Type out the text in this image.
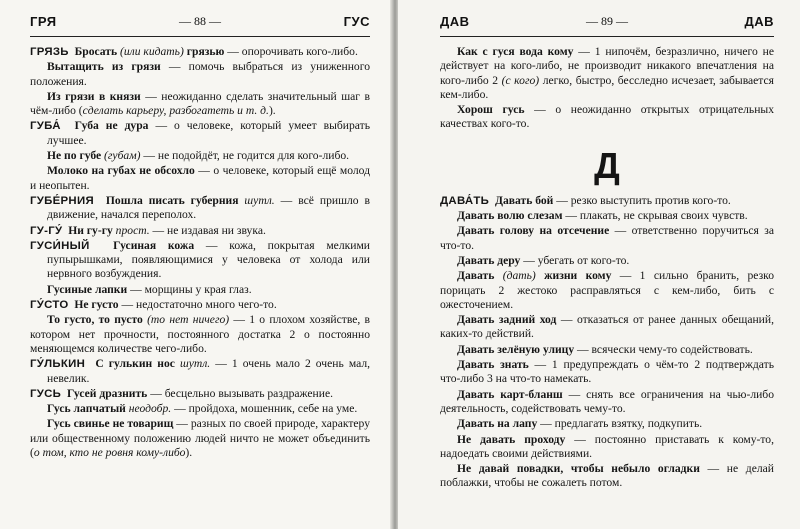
ГРЯ	— 88 —	ГУС
ГРЯЗЬ Бросать (или кидать) грязью — опорочивать кого-либо.
Вытащить из грязи — помочь выбраться из униженного положения.
Из грязи в князи — неожиданно сделать значительный шаг в чём-либо (сделать карьеру, разбогатеть и т. д.).
ГУБА́ Губа не дура — о человеке, который умеет выбирать лучшее.
Не по губе (губам) — не подойдёт, не годится для кого-либо.
Молоко на губах не обсохло — о человеке, который ещё молод и неопытен.
ГУБЕ́РНИЯ Пошла писать губерния шутл. — всё пришло в движение, начался переполох.
ГУ-ГУ́ Ни гу-гу прост. — не издавая ни звука.
ГУСИ́НЫЙ Гусиная кожа — кожа, покрытая мелкими пупырышками, появляющимися у человека от холода или нервного возбуждения.
Гусиные лапки — морщины у края глаз.
ГУ́СТО Не густо — недостаточно много чего-то.
То густо, то пусто (то нет ничего) — 1 о плохом хозяйстве, в котором нет прочности, постоянного достатка 2 о постоянно меняющемся количестве чего-либо.
ГУ́ЛЬКИН С гулькин нос шутл. — 1 очень мало 2 очень мал, невелик.
ГУСЬ Гусей дразнить — бесцельно вызывать раздражение.
Гусь лапчатый неодобр. — пройдоха, мошенник, себе на уме.
Гусь свинье не товарищ — разных по своей природе, характеру или общественному положению людей ничто не может объединить (о том, кто не ровня кому-либо).
ДАВ	— 89 —	ДАВ
Как с гуся вода кому — 1 нипочём, безразлично, ничего не действует на кого-либо, не производит никакого впечатления на кого-либо 2 (с кого) легко, быстро, бесследно исчезает, забывается кем-либо.
Хорош гусь — о неожиданно открытых отрицательных качествах кого-то.
Д
ДАВА́ТЬ Давать бой — резко выступить против кого-то.
Давать волю слезам — плакать, не скрывая своих чувств.
Давать голову на отсечение — ответственно поручиться за что-то.
Давать деру — убегать от кого-то.
Давать (дать) жизни кому — 1 сильно бранить, резко порицать 2 жестоко расправляться с кем-либо, бить с ожесточением.
Давать задний ход — отказаться от ранее данных обещаний, каких-то действий.
Давать зелёную улицу — всячески чему-то содействовать.
Давать знать — 1 предупреждать о чём-то 2 подтверждать что-либо 3 на что-то намекать.
Давать карт-бланш — снять все ограничения на чью-либо деятельность, содействовать чему-то.
Давать на лапу — предлагать взятку, подкупить.
Не давать проходу — постоянно приставать к кому-то, надоедать своими действиями.
Не давай повадки, чтобы небыло огладки — не делай поблажки, чтобы не сожалеть потом.
